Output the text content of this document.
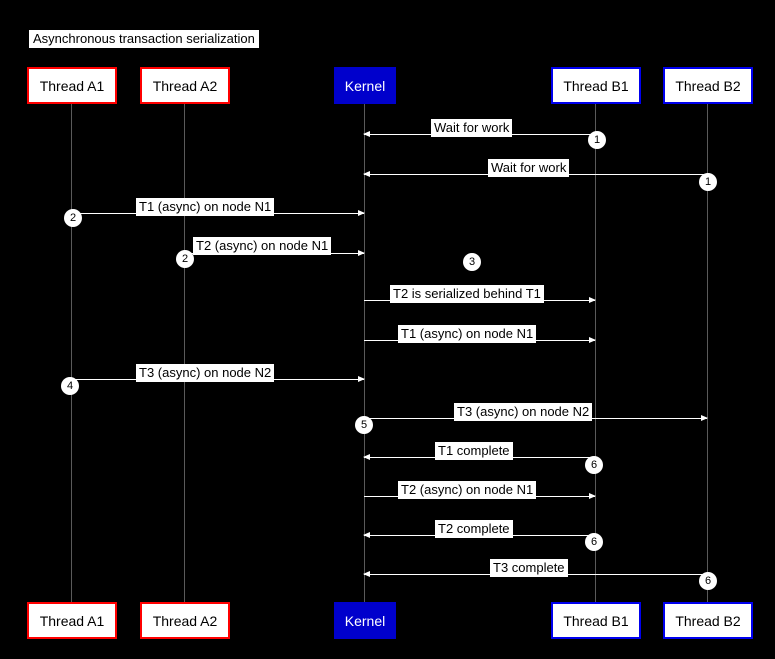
Asynchronous transaction serialization
Wait for work
Wait for work
T1 (async) on node N1
T2 (async) on node N1
T2 is serialized behind T1
T1 (async) on node N1
T3 (async) on node N2
T3 (async) on node N2
T1 complete
T2 (async) on node N1
T2 complete
T3 complete
1
1
2
2	3
4
5
6
6
6
Thread A1	Thread A2	Kernel	Thread B1	Thread B2
Thread A1	Thread A2	Kernel	Thread B1	Thread B2
